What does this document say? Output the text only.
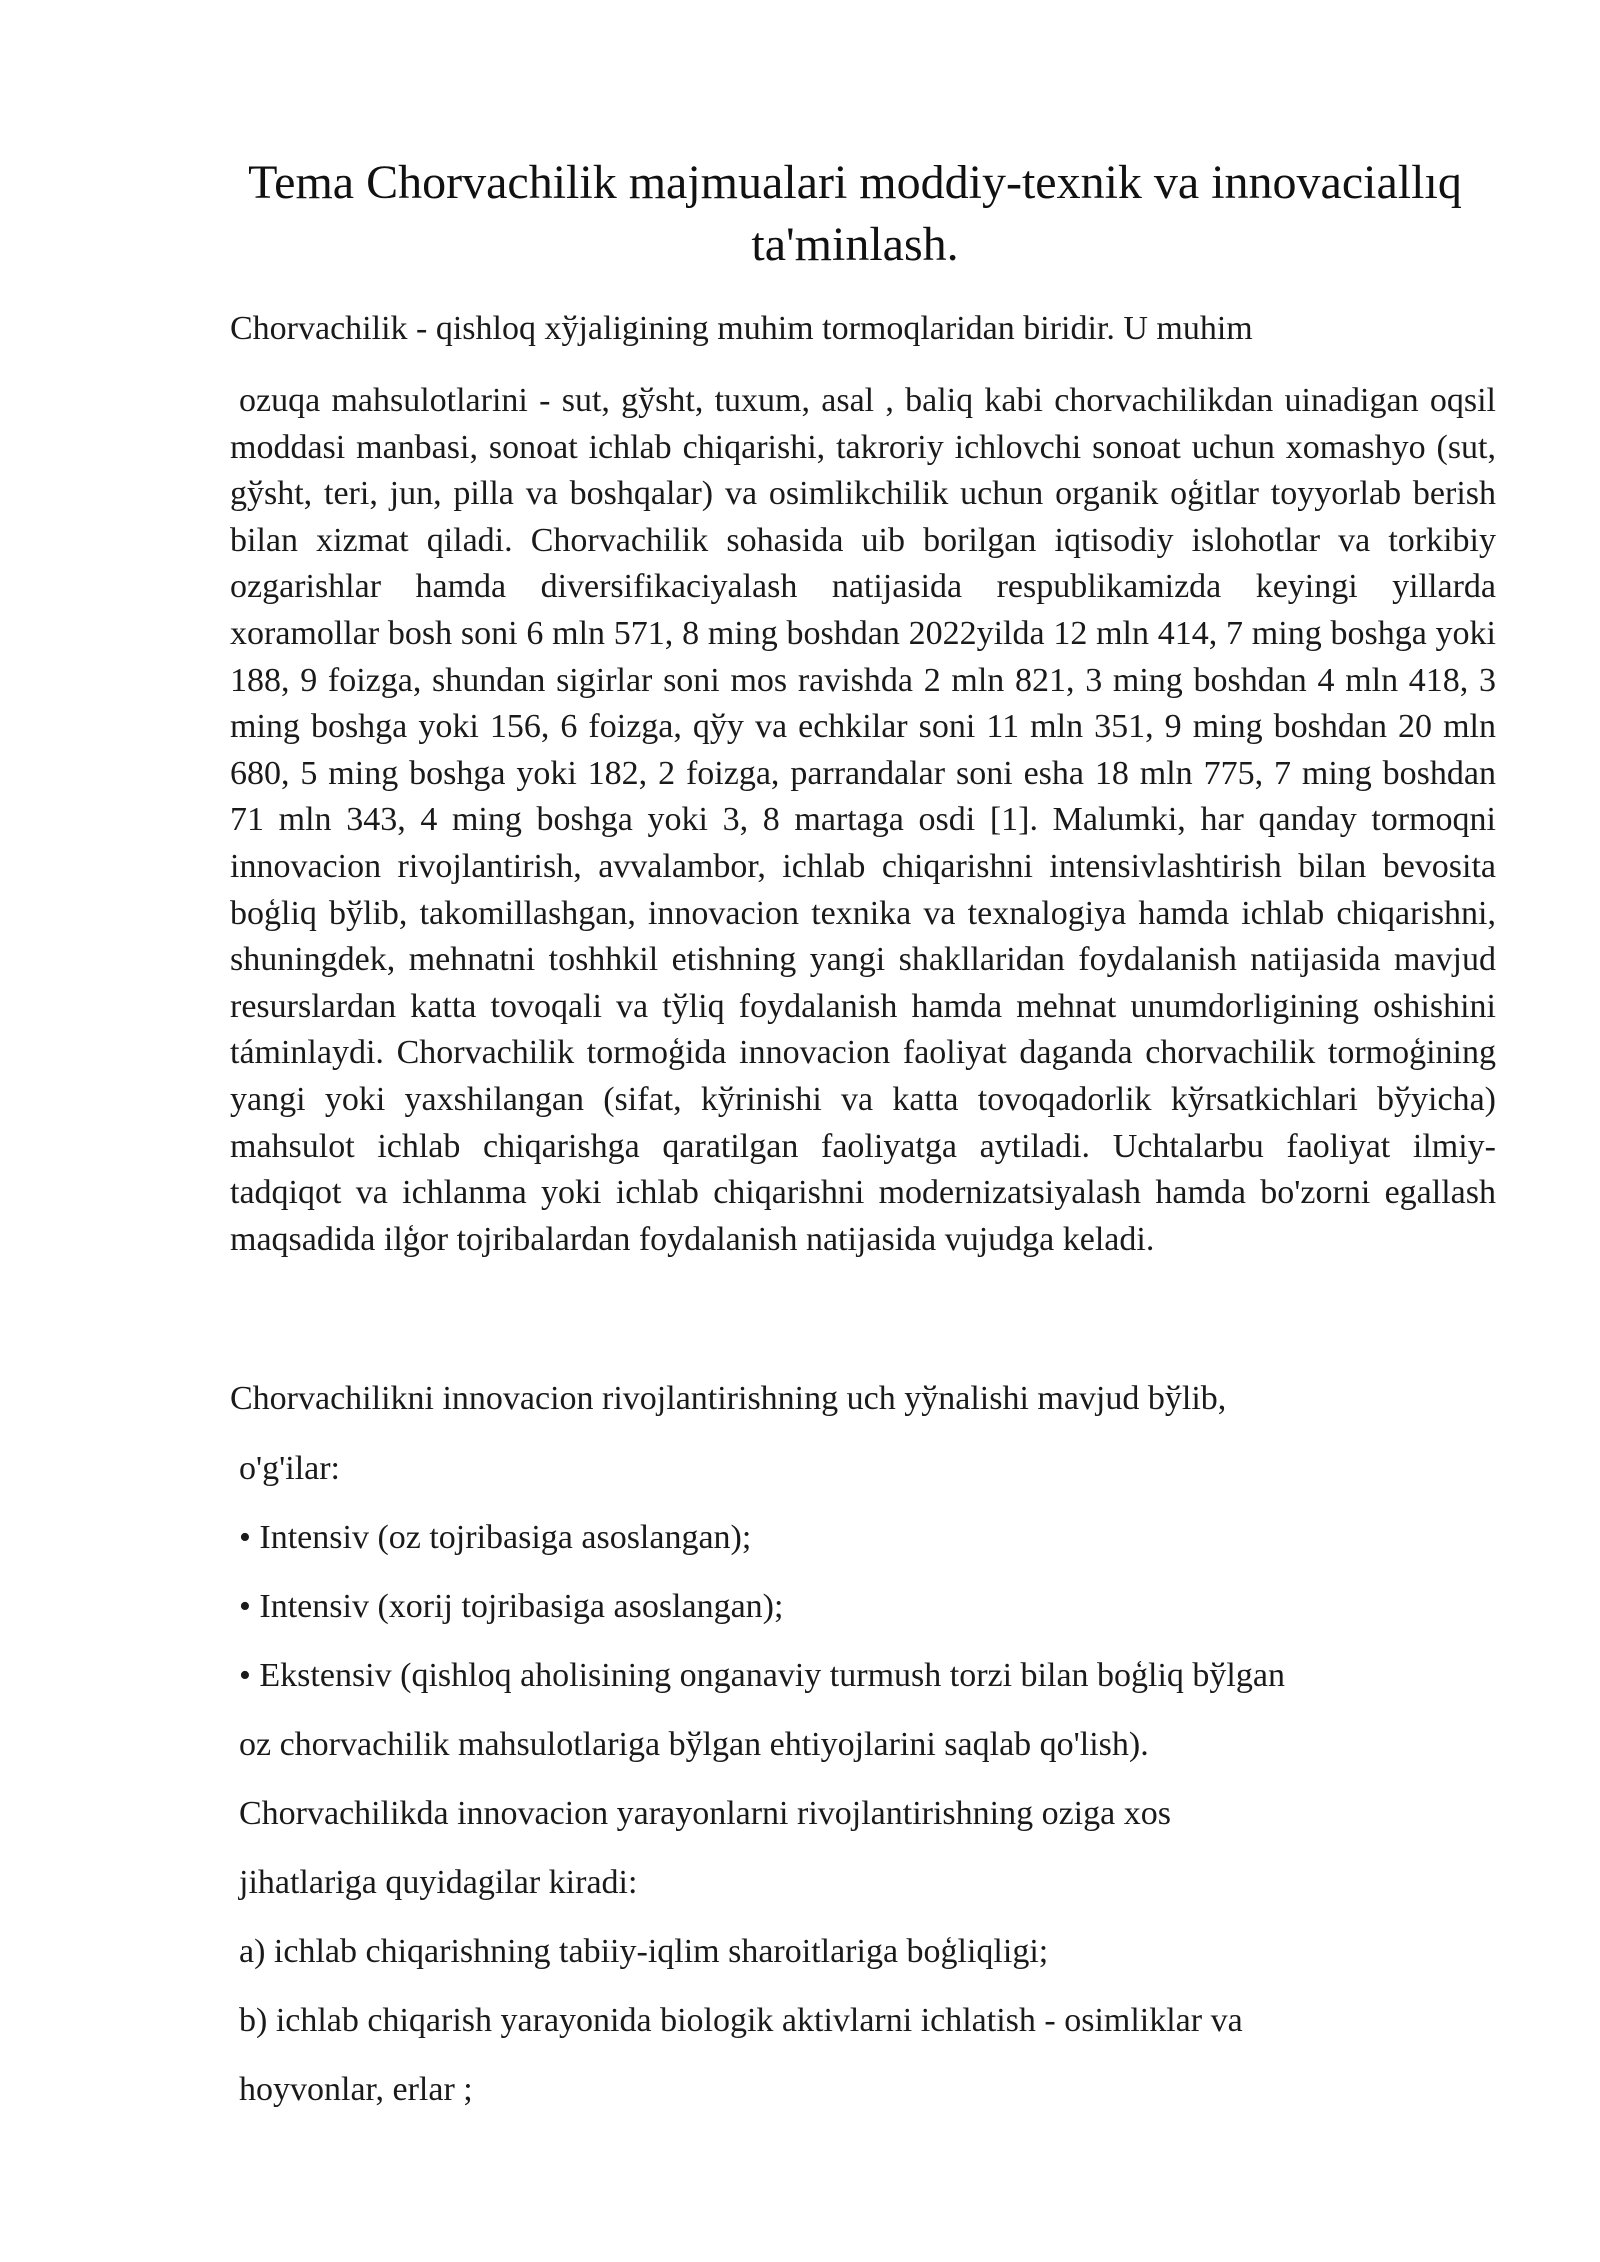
Tema Chorvachilik majmualari moddiy-texnik va innovaciallıq ta'minlash.

Chorvachilik - qishloq xўjaligining muhim tormoqlaridan biridir. U muhim

ozuqa mahsulotlarini - sut, gўsht, tuxum, asal , baliq kabi chorvachilikdan uinadigan oqsil moddasi manbasi, sonoat ichlab chiqarishi, takroriy ichlovchi sonoat uchun xomashyo (sut, gўsht, teri, jun, pilla va boshqalar) va osimlikchilik uchun organik oģitlar toyyorlab berish bilan xizmat qiladi. Chorvachilik sohasida uib borilgan iqtisodiy islohotlar va torkibiy ozgarishlar hamda diversifikaciyalash natijasida respublikamizda keyingi yillarda xoramollar bosh soni 6 mln 571, 8 ming boshdan 2022yilda 12 mln 414, 7 ming boshga yoki 188, 9 foizga, shundan sigirlar soni mos ravishda 2 mln 821, 3 ming boshdan 4 mln 418, 3 ming boshga yoki 156, 6 foizga, qўy va echkilar soni 11 mln 351, 9 ming boshdan 20 mln 680, 5 ming boshga yoki 182, 2 foizga, parrandalar soni esha 18 mln 775, 7 ming boshdan 71 mln 343, 4 ming boshga yoki 3, 8 martaga osdi [1]. Malumki, har qanday tormoqni innovacion rivojlantirish, avvalambor, ichlab chiqarishni intensivlashtirish bilan bevosita boģliq bўlib, takomillashgan, innovacion texnika va texnalogiya hamda ichlab chiqarishni, shuningdek, mehnatni toshhkil etishning yangi shakllaridan foydalanish natijasida mavjud resurslardan katta tovoqali va tўliq foydalanish hamda mehnat unumdorligining oshishini táminlaydi. Chorvachilik tormoģida innovacion faoliyat daganda chorvachilik tormoģining yangi yoki yaxshilangan (sifat, kўrinishi va katta tovoqadorlik kўrsatkichlari bўyicha) mahsulot ichlab chiqarishga qaratilgan faoliyatga aytiladi. Uchtalarbu faoliyat ilmiy- tadqiqot va ichlanma yoki ichlab chiqarishni modernizatsiyalash hamda bo'zorni egallash maqsadida ilģor tojribalardan foydalanish natijasida vujudga keladi.

Chorvachilikni innovacion rivojlantirishning uch yўnalishi mavjud bўlib,

o'g'ilar:

• Intensiv (oz tojribasiga asoslangan);

• Intensiv (xorij tojribasiga asoslangan);

• Ekstensiv (qishloq aholisining onganaviy turmush torzi bilan boģliq bўlgan

oz chorvachilik mahsulotlariga bўlgan ehtiyojlarini saqlab qo'lish).

Chorvachilikda innovacion yarayonlarni rivojlantirishning oziga xos

jihatlariga quyidagilar kiradi:

a) ichlab chiqarishning tabiiy-iqlim sharoitlariga boģliqligi;

b) ichlab chiqarish yarayonida biologik aktivlarni ichlatish - osimliklar va

hoyvonlar, erlar ;
